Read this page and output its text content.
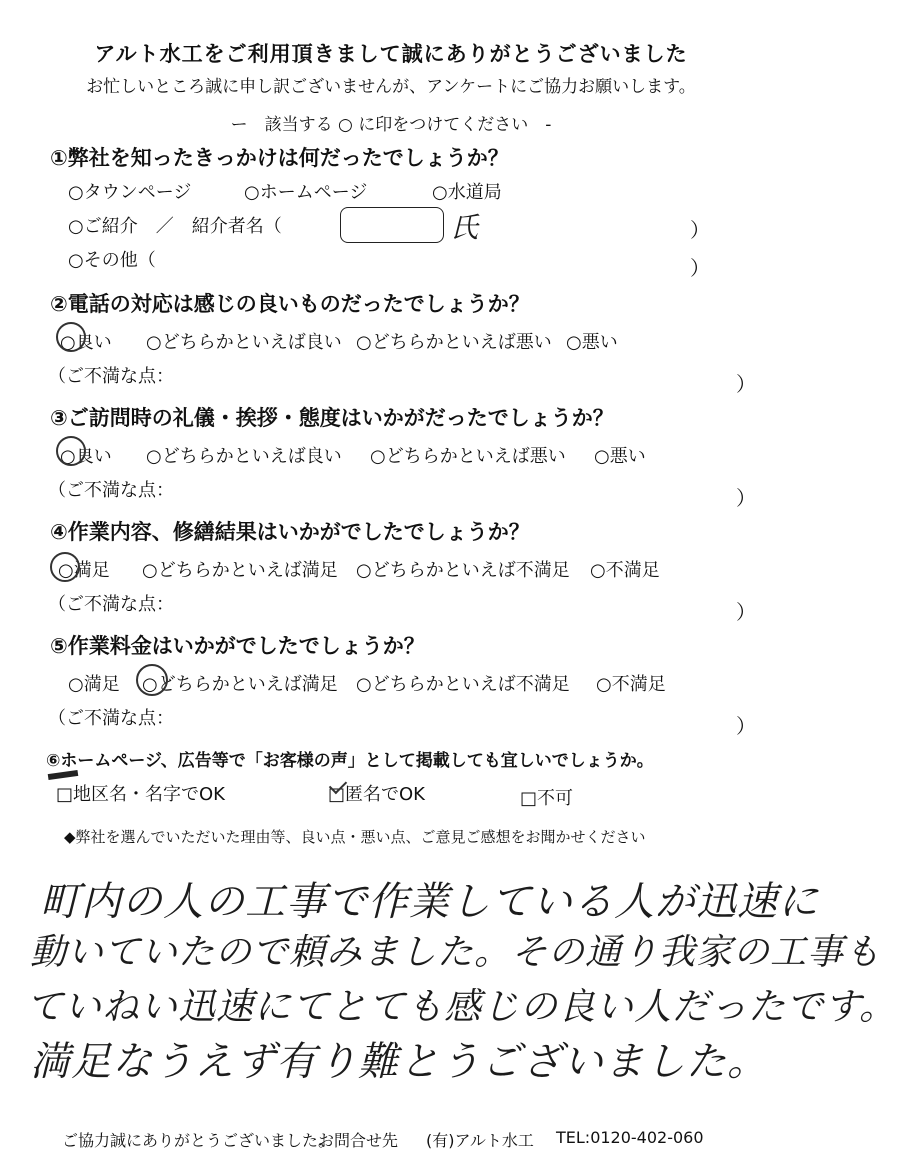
アルト水工をご利用頂きまして誠にありがとうございました
お忙しいところ誠に申し訳ございませんが、アンケートにご協力お願いします。
ー　該当する ○ に印をつけてください　-
①弊社を知ったきっかけは何だったでしょうか？
○タウンページ	○ホームページ	○水道局
○ご紹介　／　紹介者名（	氏	）
○その他（	）
②電話の対応は感じの良いものだったでしょうか？
○良い ○どちらかといえば良い ○どちらかといえば悪い ○悪い
（ご不満な点：	）
③ご訪問時の礼儀・挨拶・態度はいかがだったでしょうか？
○良い ○どちらかといえば良い ○どちらかといえば悪い ○悪い
（ご不満な点：	）
④作業内容、修繕結果はいかがでしたでしょうか？
○満足 ○どちらかといえば満足 ○どちらかといえば不満足 ○不満足
（ご不満な点：	）
⑤作業料金はいかがでしたでしょうか？
○満足 ○どちらかといえば満足 ○どちらかといえば不満足 ○不満足
（ご不満な点：	）
⑥ホームページ、広告等で「お客様の声」として掲載しても宜しいでしょうか。
□地区名・名字でOK	□匿名でOK	□不可
◆弊社を選んでいただいた理由等、良い点・悪い点、ご意見ご感想をお聞かせください
町内の人の工事で作業している人が迅速に
動いていたので頼みました。その通り我家の工事も
ていねい迅速にてとても感じの良い人だったです。
満足なうえず有り難とうございました。
ご協力誠にありがとうございました。
お問合せ先 (有)アルト水工 TEL:0120-402-060
